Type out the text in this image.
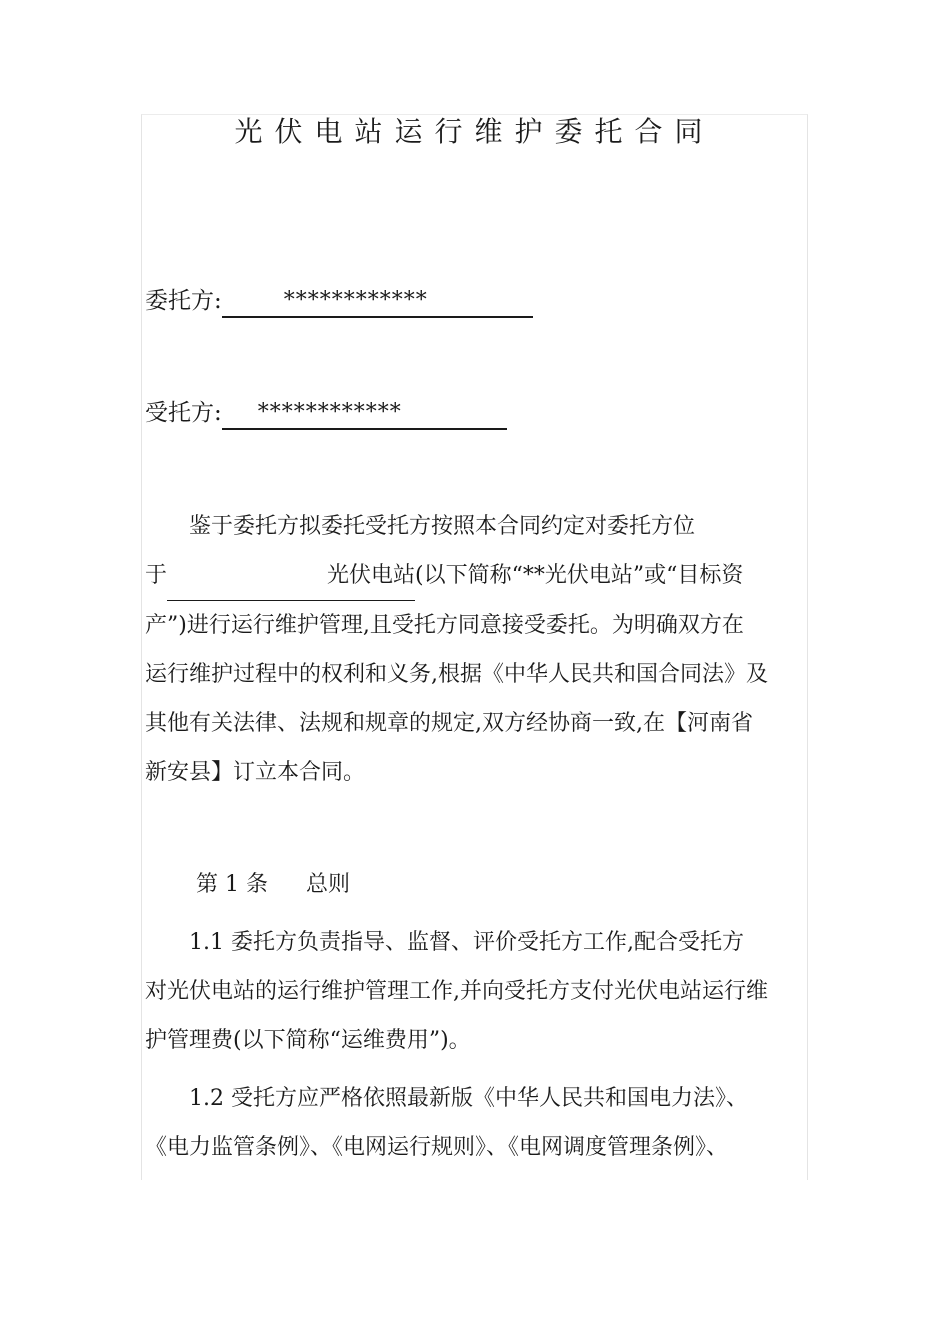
光伏电站运行维护委托合同
委托方:	************
受托方: ************
鉴于委托方拟委托受托方按照本合同约定对委托方位
于	光伏电站(以下简称“**光伏电站”或“目标资
产”)进行运行维护管理,且受托方同意接受委托。为明确双方在
运行维护过程中的权利和义务,根据《中华人民共和国合同法》及
其他有关法律、法规和规章的规定,双方经协商一致,在【河南省
新安县】订立本合同。
第 1 条 总则
1.1 委托方负责指导、监督、评价受托方工作,配合受托方
对光伏电站的运行维护管理工作,并向受托方支付光伏电站运行维
护管理费(以下简称“运维费用”)。
1.2 受托方应严格依照最新版《中华人民共和国电力法》、
《电力监管条例》、《电网运行规则》、《电网调度管理条例》、
